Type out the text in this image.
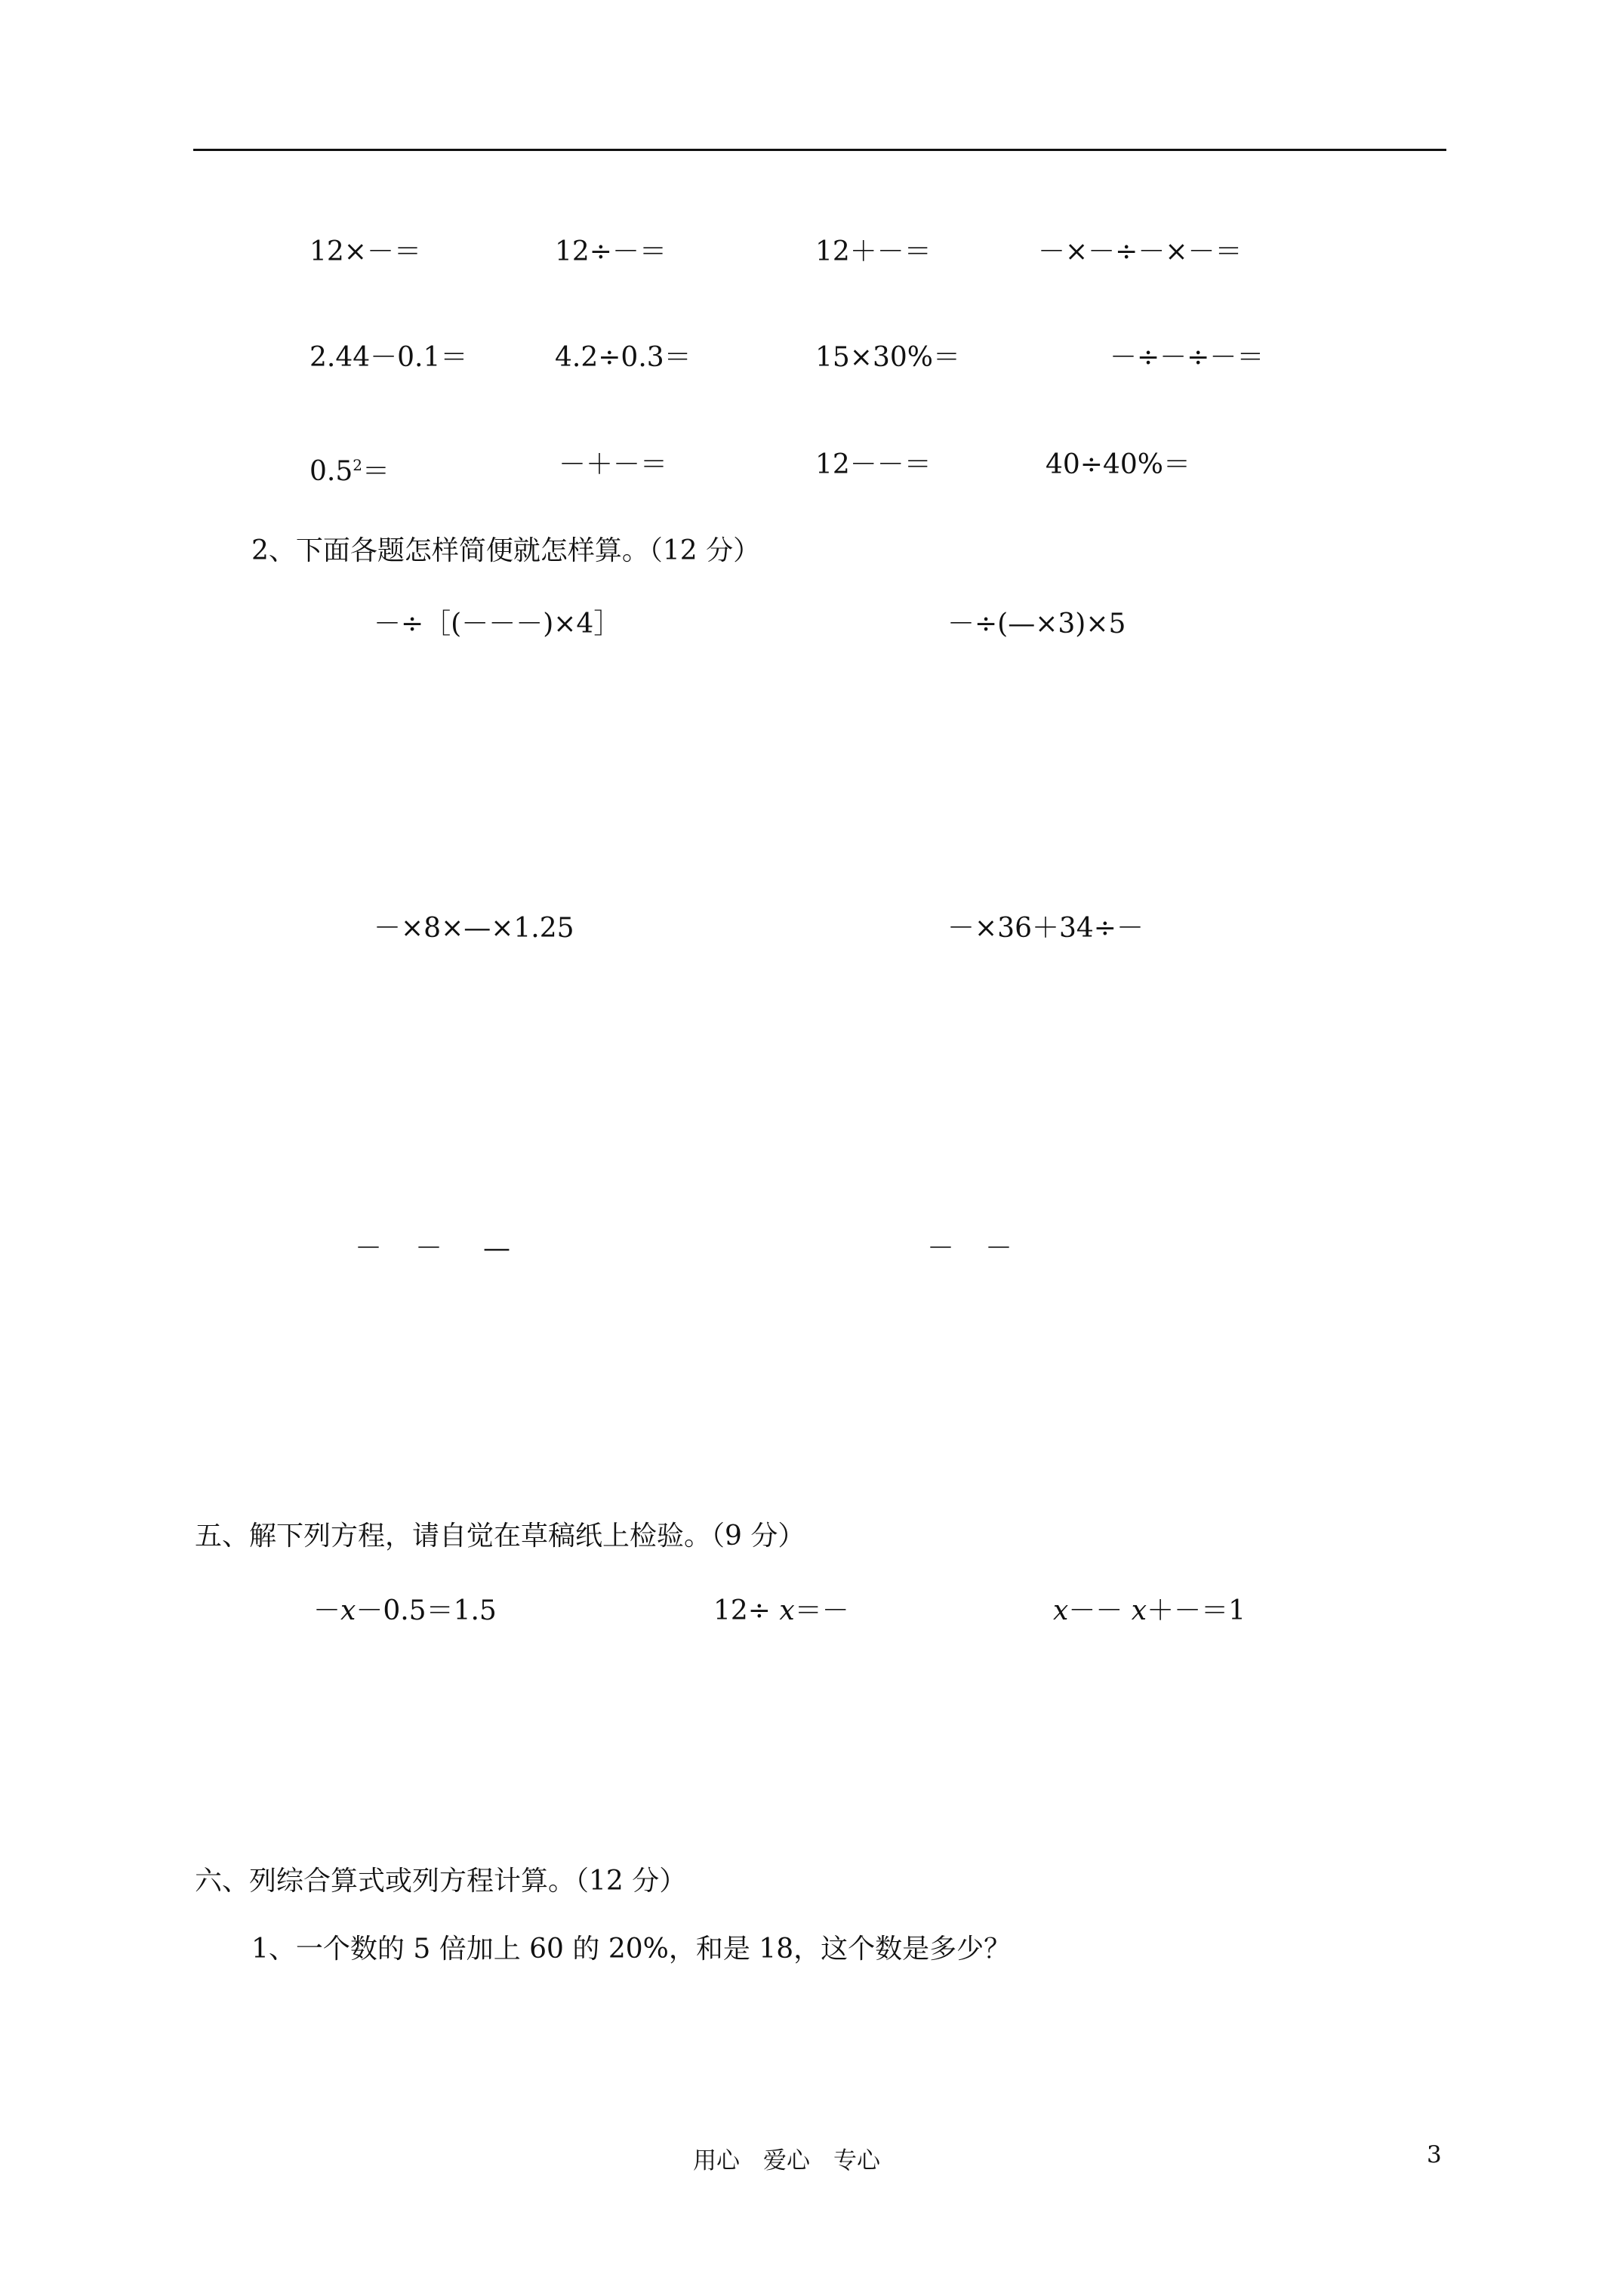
12×－＝	12÷－＝	12＋－＝	－×－÷－×－＝
2.44－0.1＝	4.2÷0.3＝	15×30%＝	－÷－÷－＝
$0.5^2=$	－＋－＝	12－－＝	40÷40%＝
2、下面各题怎样简便就怎样算。（12 分）
－÷［(－－－)×4］	－÷(—×3)×5
－×8×—×1.25	－×36＋34÷－
－ － —	－ －
五、解下列方程，请自觉在草稿纸上检验。（9 分）
－x－0.5＝1.5	12÷ x＝－	x－－ x＋－＝1
六、列综合算式或列方程计算。（12 分）
1、一个数的 5 倍加上 60 的 20%，和是 18，这个数是多少？
用心　爱心　专心	3
